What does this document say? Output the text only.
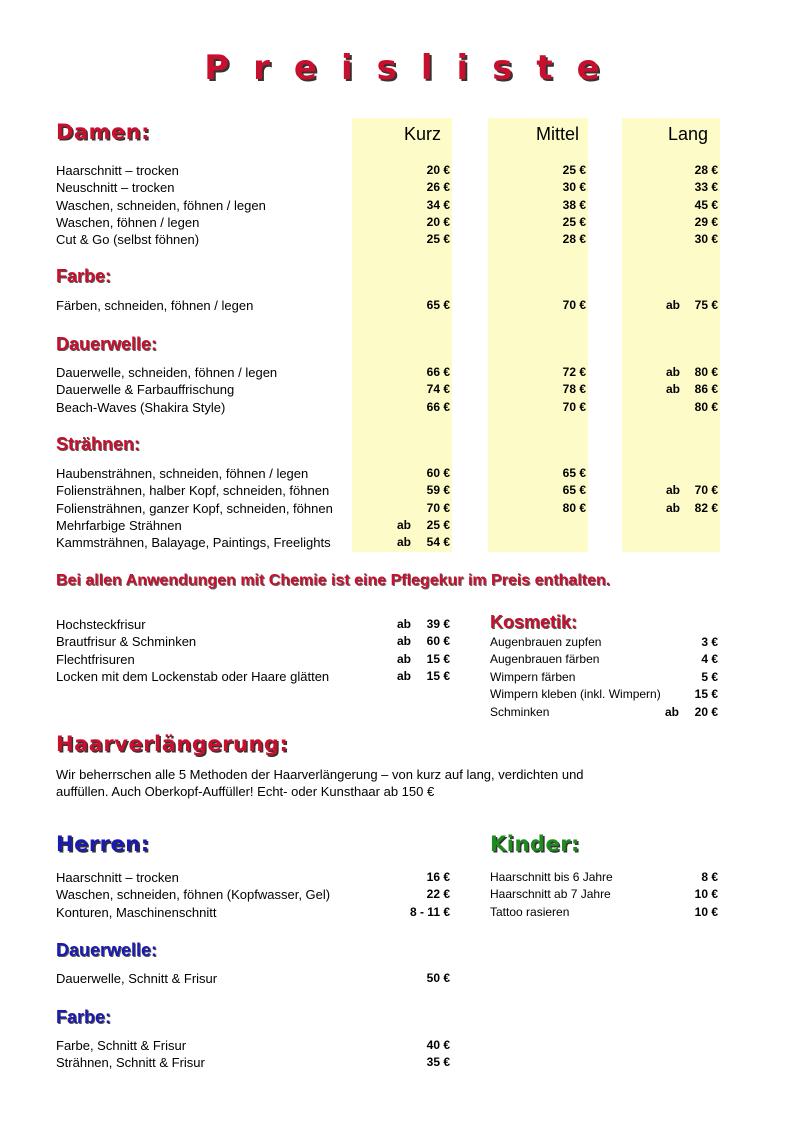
Preisliste
Damen:	Kurz	Mittel	Lang
Haarschnitt – trocken	20 €	25 €	28 €
Neuschnitt – trocken	26 €	30 €	33 €
Waschen, schneiden, föhnen / legen	34 €	38 €	45 €
Waschen, föhnen / legen	20 €	25 €	29 €
Cut & Go (selbst föhnen)	25 €	28 €	30 €
Farbe:
Färben, schneiden, föhnen / legen	65 €	70 €	ab	75 €
Dauerwelle:
Dauerwelle, schneiden, föhnen / legen	66 €	72 €	ab	80 €
Dauerwelle & Farbauffrischung	74 €	78 €	ab	86 €
Beach-Waves (Shakira Style)	66 €	70 €	80 €
Strähnen:
Haubensträhnen, schneiden, föhnen / legen	60 €	65 €
Foliensträhnen, halber Kopf, schneiden, föhnen	59 €	65 €	ab	70 €
Foliensträhnen, ganzer Kopf, schneiden, föhnen	70 €	80 €	ab	82 €
Mehrfarbige Strähnen	ab	25 €
Kammsträhnen, Balayage, Paintings, Freelights	ab	54 €
Bei allen Anwendungen mit Chemie ist eine Pflegekur im Preis enthalten.
Hochsteckfrisur	ab	39 €
Brautfrisur & Schminken	ab	60 €
Flechtfrisuren	ab	15 €
Locken mit dem Lockenstab oder Haare glätten	ab	15 €
Kosmetik:
Augenbrauen zupfen	3 €
Augenbrauen färben	4 €
Wimpern färben	5 €
Wimpern kleben (inkl. Wimpern)	15 €
Schminken	ab	20 €
Haarverlängerung:
Wir beherrschen alle 5 Methoden der Haarverlängerung – von kurz auf lang, verdichten und
auffüllen. Auch Oberkopf-Auffüller! Echt- oder Kunsthaar ab 150 €
Herren:	Kinder:
Dauerwelle:
Farbe:
Haarschnitt – trocken	16 €
Waschen, schneiden, föhnen (Kopfwasser, Gel)	22 €
Konturen, Maschinenschnitt	8 - 11 €
Dauerwelle, Schnitt & Frisur	50 €
Farbe, Schnitt & Frisur	40 €
Strähnen, Schnitt & Frisur	35 €
Haarschnitt bis 6 Jahre	8 €
Haarschnitt ab 7 Jahre	10 €
Tattoo rasieren	10 €
